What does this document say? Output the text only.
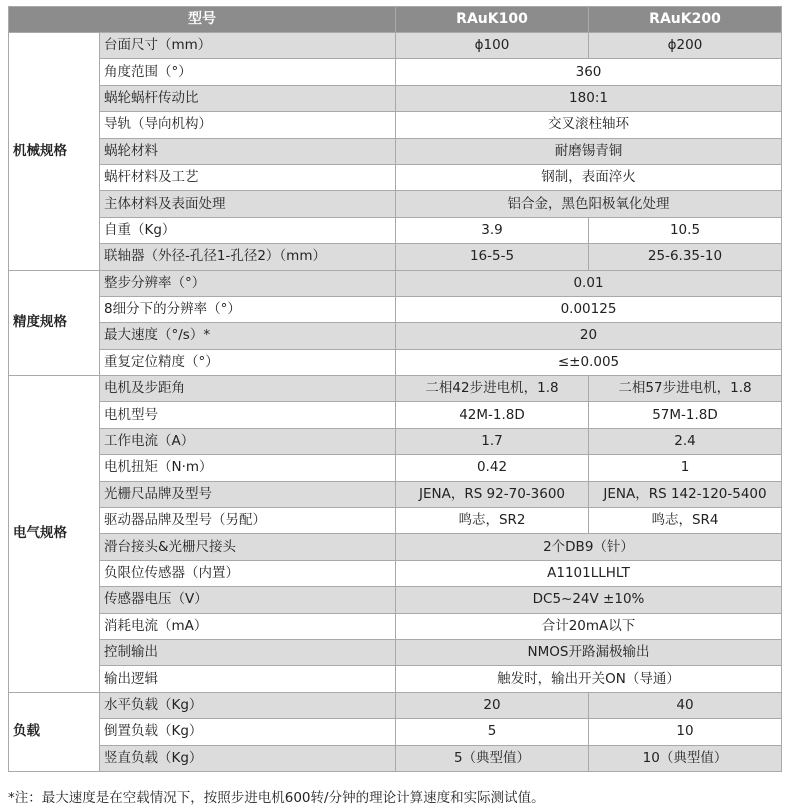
型号		RAuK100	RAuK200
机械规格	台面尺寸（mm）	ϕ100	ϕ200
	角度范围（°）	360	
	蜗轮蜗杆传动比	180:1	
	导轨（导向机构）	交叉滚柱轴环	
	蜗轮材料	耐磨锡青铜	
	蜗杆材料及工艺	钢制，表面淬火	
	主体材料及表面处理	铝合金，黑色阳极氧化处理	
	自重（Kg）	3.9	10.5
	联轴器（外径-孔径1-孔径2）（mm）	16-5-5	25-6.35-10
精度规格	整步分辨率（°）	0.01	
	8细分下的分辨率（°）	0.00125	
	最大速度（°/s）*	20	
	重复定位精度（°）	≤±0.005	
电气规格	电机及步距角	二相42步进电机，1.8	二相57步进电机，1.8
	电机型号	42M-1.8D	57M-1.8D
	工作电流（A）	1.7	2.4
	电机扭矩（N·m）	0.42	1
	光栅尺品牌及型号	JENA，RS 92-70-3600	JENA，RS 142-120-5400
	驱动器品牌及型号（另配）	鸣志，SR2	鸣志，SR4
	滑台接头&光栅尺接头	2个DB9（针）	
	负限位传感器（内置）	A1101LLHLT	
	传感器电压（V）	DC5~24V ±10%	
	消耗电流（mA）	合计20mA以下	
	控制输出	NMOS开路漏极输出	
	输出逻辑	触发时，输出开关ON（导通）	
负载	水平负载（Kg）	20	40
	倒置负载（Kg）	5	10
	竖直负载（Kg）	5（典型值）	10（典型值）
*注：最大速度是在空载情况下，按照步进电机600转/分钟的理论计算速度和实际测试值。
